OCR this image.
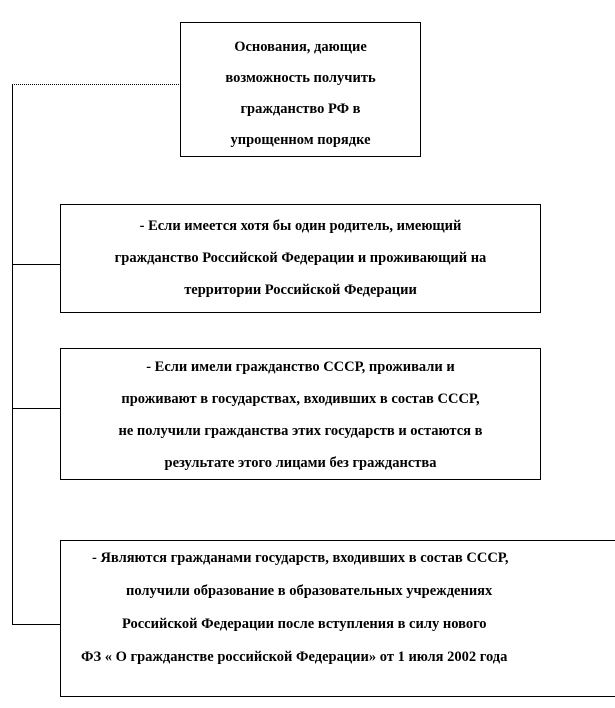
Основания, дающие
возможность получить
гражданство РФ в
упрощенном порядке
- Если имеется хотя бы один родитель, имеющий
гражданство Российской Федерации и проживающий на
территории Российской Федерации
- Если имели гражданство СССР, проживали и
проживают в государствах, входивших в состав СССР,
не получили гражданства этих государств и остаются в
результате этого лицами без гражданства
- Являются гражданами государств, входивших в состав СССР,
получили образование в образовательных учреждениях
Российской Федерации после вступления в силу нового
ФЗ « О гражданстве российской Федерации» от 1 июля 2002 года
